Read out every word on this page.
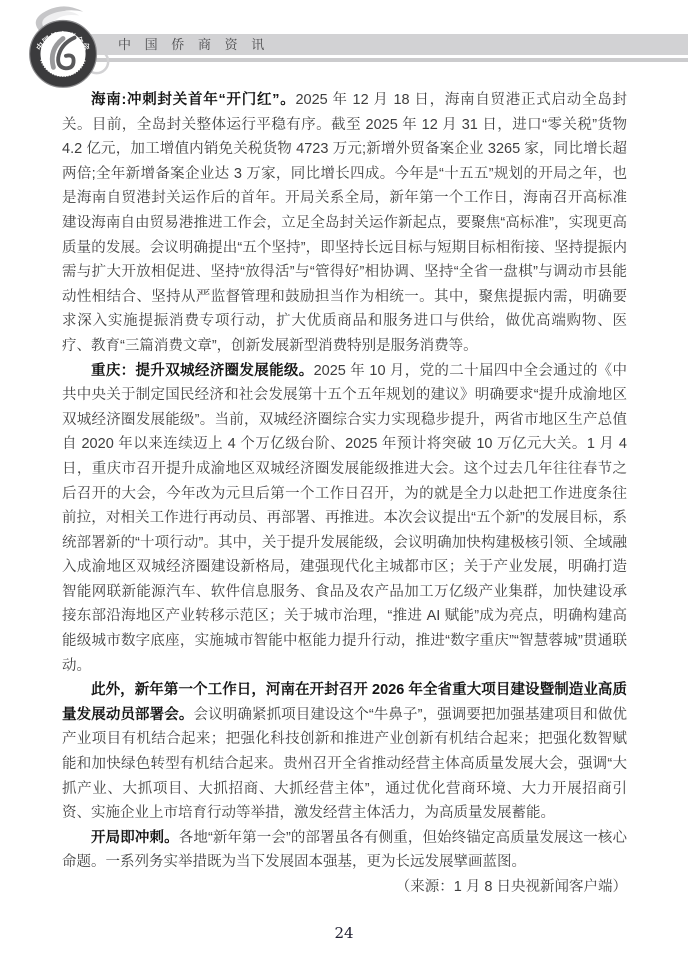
中国侨商资讯
中国侨商联合会

海南:冲刺封关首年“开门红”。2025 年 12 月 18 日，海南自贸港正式启动全岛封关。目前，全岛封关整体运行平稳有序。截至 2025 年 12 月 31 日，进口“零关税”货物 4.2 亿元，加工增值内销免关税货物 4723 万元;新增外贸备案企业 3265 家，同比增长超两倍;全年新增备案企业达 3 万家，同比增长四成。今年是“十五五”规划的开局之年，也是海南自贸港封关运作后的首年。开局关系全局，新年第一个工作日，海南召开高标准建设海南自由贸易港推进工作会，立足全岛封关运作新起点，要聚焦“高标准”，实现更高质量的发展。会议明确提出“五个坚持”，即坚持长远目标与短期目标相衔接、坚持提振内需与扩大开放相促进、坚持“放得活”与“管得好”相协调、坚持“全省一盘棋”与调动市县能动性相结合、坚持从严监督管理和鼓励担当作为相统一。其中，聚焦提振内需，明确要求深入实施提振消费专项行动，扩大优质商品和服务进口与供给，做优高端购物、医疗、教育“三篇消费文章”，创新发展新型消费特别是服务消费等。

重庆：提升双城经济圈发展能级。2025 年 10 月，党的二十届四中全会通过的《中共中央关于制定国民经济和社会发展第十五个五年规划的建议》明确要求“提升成渝地区双城经济圈发展能级”。当前，双城经济圈综合实力实现稳步提升，两省市地区生产总值自 2020 年以来连续迈上 4 个万亿级台阶、2025 年预计将突破 10 万亿元大关。1 月 4 日，重庆市召开提升成渝地区双城经济圈发展能级推进大会。这个过去几年往往春节之后召开的大会，今年改为元旦后第一个工作日召开，为的就是全力以赴把工作进度条往前拉，对相关工作进行再动员、再部署、再推进。本次会议提出“五个新”的发展目标，系统部署新的“十项行动”。其中，关于提升发展能级，会议明确加快构建极核引领、全域融入成渝地区双城经济圈建设新格局，建强现代化主城都市区；关于产业发展，明确打造智能网联新能源汽车、软件信息服务、食品及农产品加工万亿级产业集群，加快建设承接东部沿海地区产业转移示范区；关于城市治理，“推进 AI 赋能”成为亮点，明确构建高能级城市数字底座，实施城市智能中枢能力提升行动，推进“数字重庆”“智慧蓉城”贯通联动。

此外，新年第一个工作日，河南在开封召开 2026 年全省重大项目建设暨制造业高质量发展动员部署会。会议明确紧抓项目建设这个“牛鼻子”，强调要把加强基建项目和做优产业项目有机结合起来；把强化科技创新和推进产业创新有机结合起来；把强化数智赋能和加快绿色转型有机结合起来。贵州召开全省推动经营主体高质量发展大会，强调“大抓产业、大抓项目、大抓招商、大抓经营主体”，通过优化营商环境、大力开展招商引资、实施企业上市培育行动等举措，激发经营主体活力，为高质量发展蓄能。

开局即冲刺。各地“新年第一会”的部署虽各有侧重，但始终锚定高质量发展这一核心命题。一系列务实举措既为当下发展固本强基，更为长远发展擘画蓝图。

（来源：1 月 8 日央视新闻客户端）

24
